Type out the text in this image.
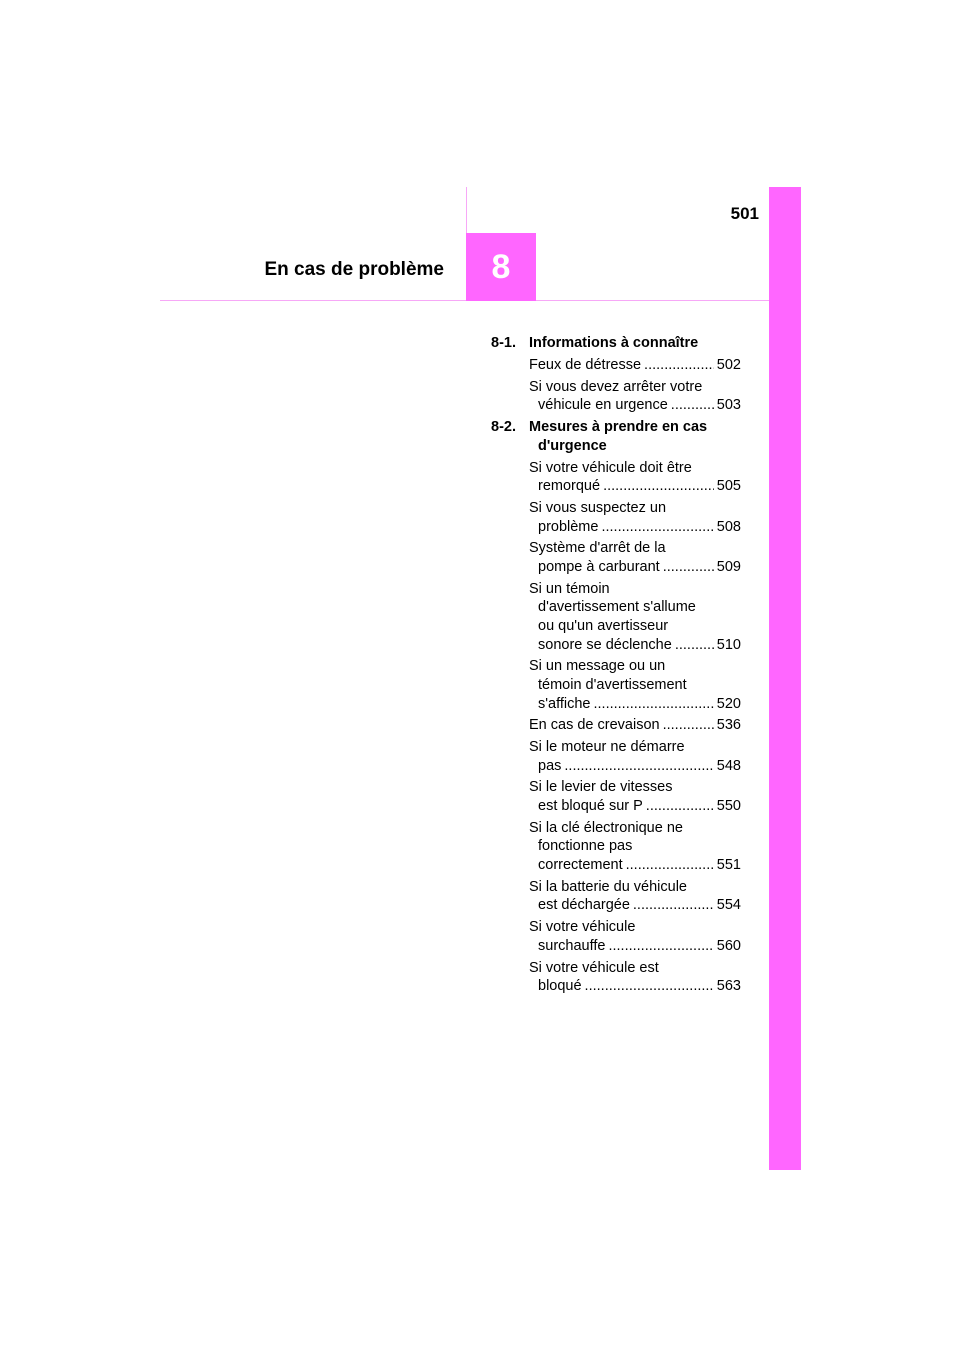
501
En cas de problème 8
8-1. Informations à connaître
Feux de détresse .....	502
Si vous devez arrêter votre
véhicule en urgence .....	503
8-2. Mesures à prendre en cas
d'urgence
Si votre véhicule doit être
remorqué .....	505
Si vous suspectez un
problème .....	508
Système d'arrêt de la
pompe à carburant .....	509
Si un témoin
d'avertissement s'allume
ou qu'un avertisseur
sonore se déclenche .....	510
Si un message ou un
témoin d'avertissement
s'affiche .....	520
En cas de crevaison .....	536
Si le moteur ne démarre
pas .....	548
Si le levier de vitesses
est bloqué sur P .....	550
Si la clé électronique ne
fonctionne pas
correctement .....	551
Si la batterie du véhicule
est déchargée .....	554
Si votre véhicule
surchauffe .....	560
Si votre véhicule est
bloqué .....	563
